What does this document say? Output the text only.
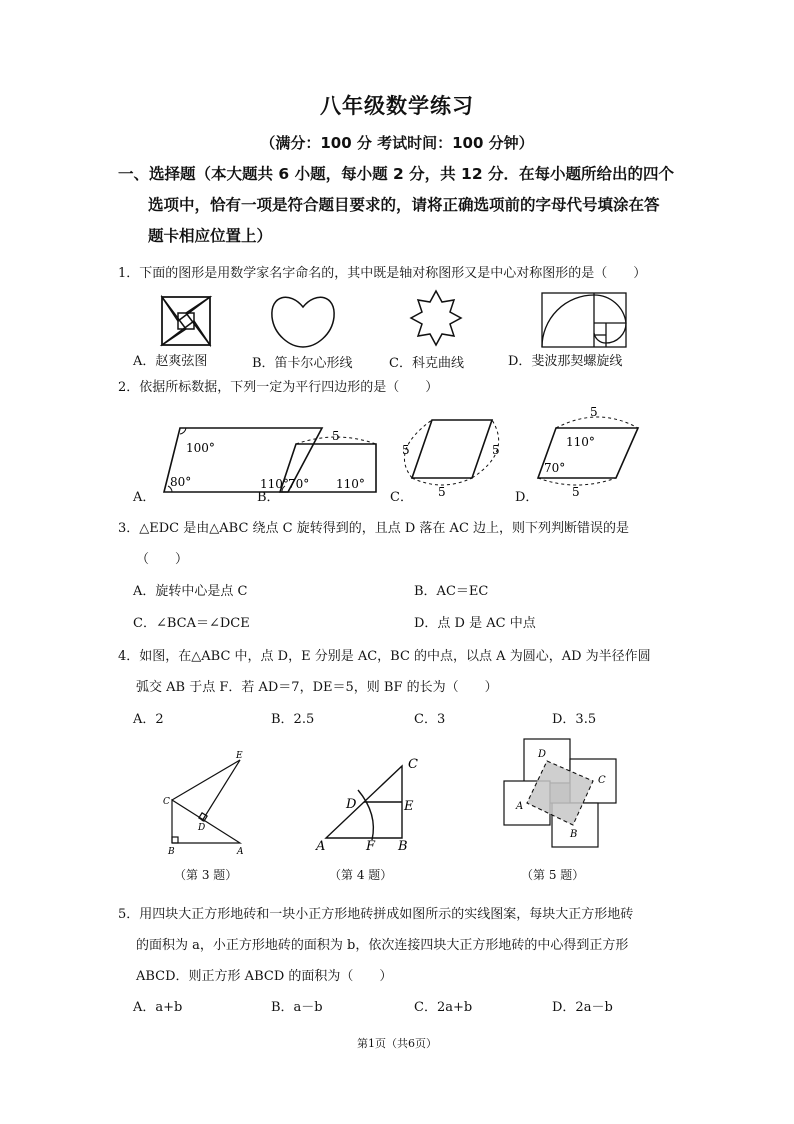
八年级数学练习
（满分：100 分 考试时间：100 分钟）
一、选择题（本大题共 6 小题，每小题 2 分，共 12 分．在每小题所给出的四个
选项中，恰有一项是符合题目要求的，请将正确选项前的字母代号填涂在答
题卡相应位置上）
1．下面的图形是用数学家名字命名的，其中既是轴对称图形又是中心对称图形的是（　　）
A．赵爽弦图	B．笛卡尔心形线	C．科克曲线	D．斐波那契螺旋线
2．依据所标数据，下列一定为平行四边形的是（　　）
100°
80°	110°
5
70° 110°
5	5
5
5
5
110°
70°
A．	B．	C．	D．
3．△EDC 是由△ABC 绕点 C 旋转得到的，且点 D 落在 AC 边上，则下列判断错误的是
（　　）
A．旋转中心是点 C	B．AC＝EC
C．∠BCA＝∠DCE	D．点 D 是 AC 中点
4．如图，在△ABC 中，点 D，E 分别是 AC，BC 的中点，以点 A 为圆心，AD 为半径作圆
弧交 AB 于点 F．若 AD＝7，DE＝5，则 BF 的长为（　　）
A．2	B．2.5	C．3	D．3.5
E
C
D
B	A
C
D	E
A	F B
D
C
A
B
（第 3 题）	（第 4 题）	（第 5 题）
5．用四块大正方形地砖和一块小正方形地砖拼成如图所示的实线图案，每块大正方形地砖
的面积为 a，小正方形地砖的面积为 b，依次连接四块大正方形地砖的中心得到正方形
ABCD．则正方形 ABCD 的面积为（　　）
A．a+b	B．a－b	C．2a+b	D．2a－b
第1页（共6页）
